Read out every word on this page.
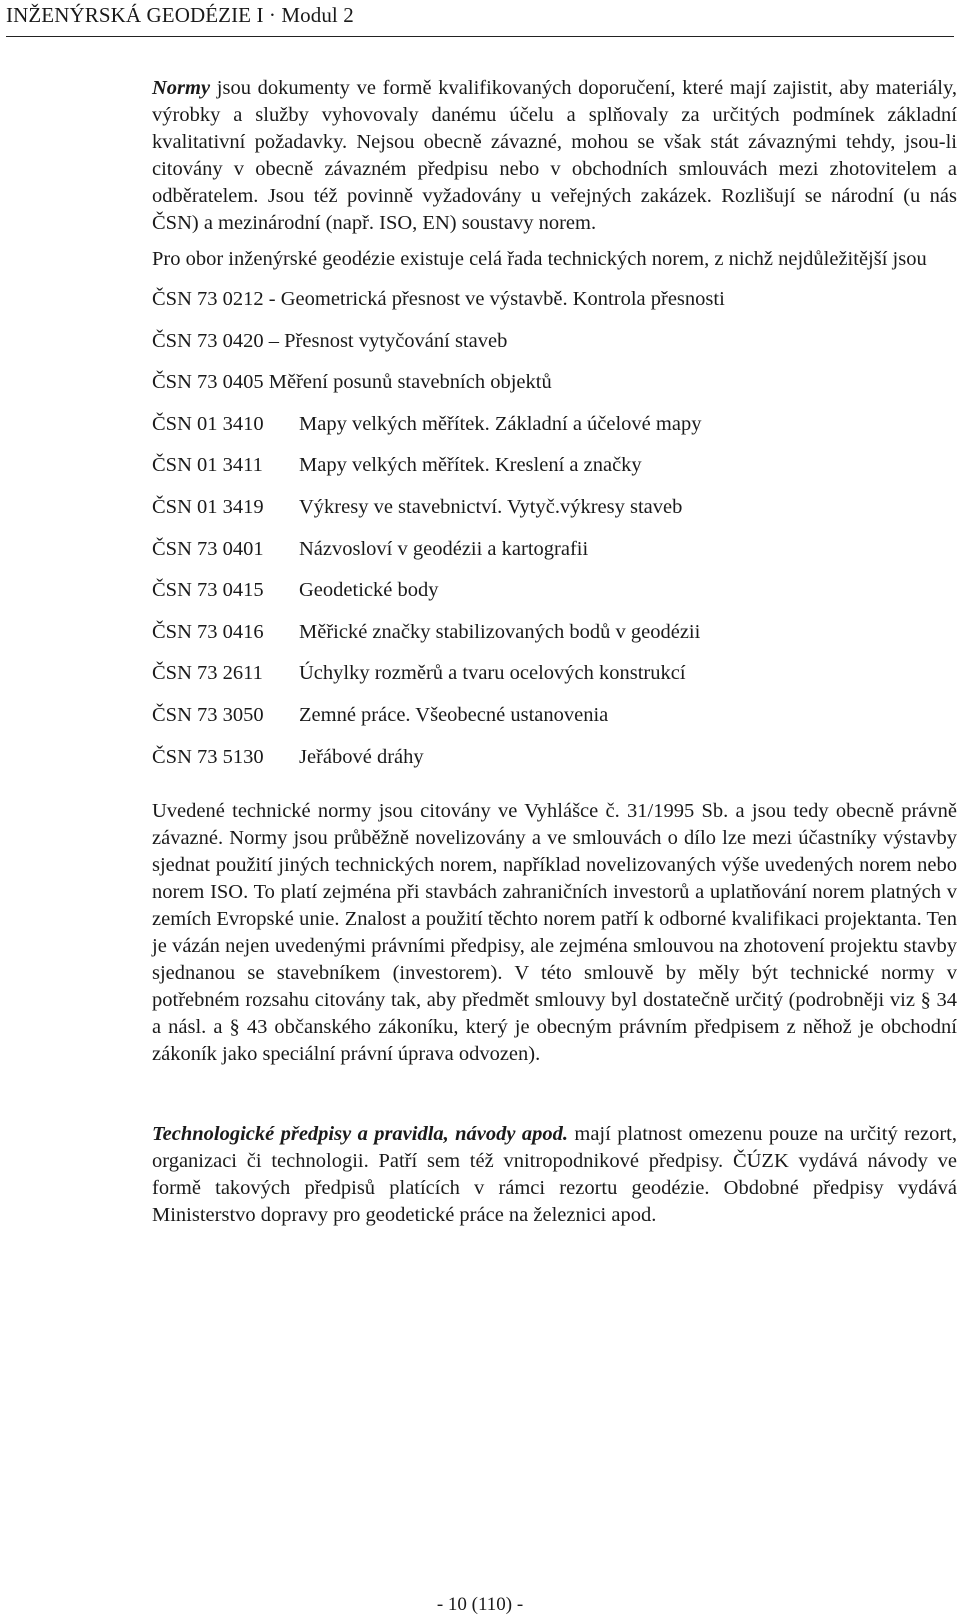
INŽENÝRSKÁ GEODÉZIE I · Modul 2

Normy jsou dokumenty ve formě kvalifikovaných doporučení, které mají zajistit, aby materiály, výrobky a služby vyhovovaly danému účelu a splňovaly za určitých podmínek základní kvalitativní požadavky. Nejsou obecně závazné, mohou se však stát závaznými tehdy, jsou-li citovány v obecně závazném předpisu nebo v obchodních smlouvách mezi zhotovitelem a odběratelem. Jsou též povinně vyžadovány u veřejných zakázek. Rozlišují se národní (u nás ČSN) a mezinárodní (např. ISO, EN) soustavy norem.

Pro obor inženýrské geodézie existuje celá řada technických norem, z nichž nejdůležitější jsou

ČSN 73 0212 - Geometrická přesnost ve výstavbě. Kontrola přesnosti
ČSN 73 0420 – Přesnost vytyčování staveb
ČSN 73 0405 Měření posunů stavebních objektů
ČSN 01 3410 Mapy velkých měřítek. Základní a účelové mapy
ČSN 01 3411 Mapy velkých měřítek. Kreslení a značky
ČSN 01 3419 Výkresy ve stavebnictví. Vytyč.výkresy staveb
ČSN 73 0401 Názvosloví v geodézii a kartografii
ČSN 73 0415 Geodetické body
ČSN 73 0416 Měřické značky stabilizovaných bodů v geodézii
ČSN 73 2611 Úchylky rozměrů a tvaru ocelových konstrukcí
ČSN 73 3050 Zemné práce. Všeobecné ustanovenia
ČSN 73 5130 Jeřábové dráhy

Uvedené technické normy jsou citovány ve Vyhlášce č. 31/1995 Sb. a jsou tedy obecně právně závazné. Normy jsou průběžně novelizovány a ve smlouvách o dílo lze mezi účastníky výstavby sjednat použití jiných technických norem, například novelizovaných výše uvedených norem nebo norem ISO. To platí zejména při stavbách zahraničních investorů a uplatňování norem platných v zemích Evropské unie. Znalost a použití těchto norem patří k odborné kvalifikaci projektanta. Ten je vázán nejen uvedenými právními předpisy, ale zejména smlouvou na zhotovení projektu stavby sjednanou se stavebníkem (investorem). V této smlouvě by měly být technické normy v potřebném rozsahu citovány tak, aby předmět smlouvy byl dostatečně určitý (podrobněji viz § 34 a násl. a § 43 občanského zákoníku, který je obecným právním předpisem z něhož je obchodní zákoník jako speciální právní úprava odvozen).

Technologické předpisy a pravidla, návody apod. mají platnost omezenu pouze na určitý rezort, organizaci či technologii. Patří sem též vnitropodnikové předpisy. ČÚZK vydává návody ve formě takových předpisů platících v rámci rezortu geodézie. Obdobné předpisy vydává Ministerstvo dopravy pro geodetické práce na železnici apod.

- 10 (110) -
